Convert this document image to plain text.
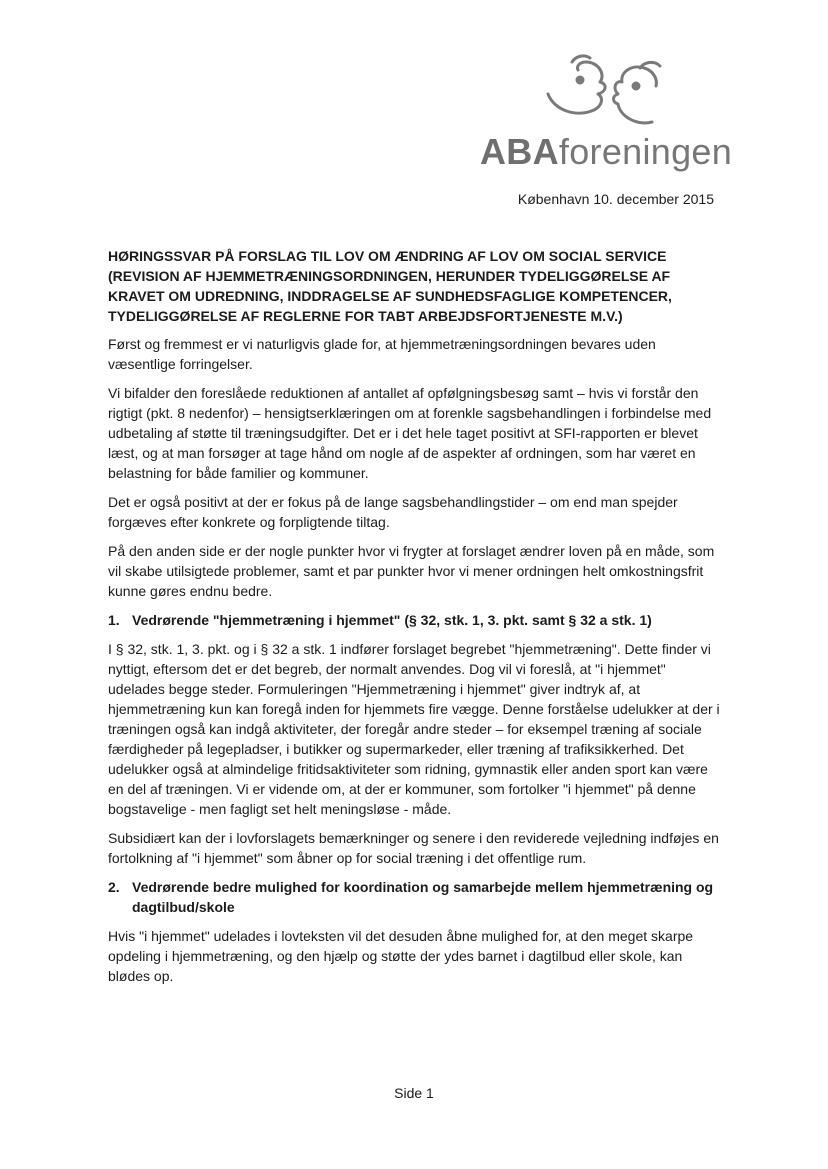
ABAforeningen
København 10. december 2015
HØRINGSSVAR PÅ FORSLAG TIL LOV OM ÆNDRING AF LOV OM SOCIAL SERVICE (REVISION AF HJEMMETRÆNINGSORDNINGEN, HERUNDER TYDELIGGØRELSE AF KRAVET OM UDREDNING, INDDRAGELSE AF SUNDHEDSFAGLIGE KOMPETENCER, TYDELIGGØRELSE AF REGLERNE FOR TABT ARBEJDSFORTJENESTE M.V.)

Først og fremmest er vi naturligvis glade for, at hjemmetræningsordningen bevares uden væsentlige forringelser.

Vi bifalder den foreslåede reduktionen af antallet af opfølgningsbesøg samt – hvis vi forstår den rigtigt (pkt. 8 nedenfor) – hensigtserklæringen om at forenkle sagsbehandlingen i forbindelse med udbetaling af støtte til træningsudgifter. Det er i det hele taget positivt at SFI-rapporten er blevet læst, og at man forsøger at tage hånd om nogle af de aspekter af ordningen, som har været en belastning for både familier og kommuner.

Det er også positivt at der er fokus på de lange sagsbehandlingstider – om end man spejder forgæves efter konkrete og forpligtende tiltag.

På den anden side er der nogle punkter hvor vi frygter at forslaget ændrer loven på en måde, som vil skabe utilsigtede problemer, samt et par punkter hvor vi mener ordningen helt omkostningsfrit kunne gøres endnu bedre.

1. Vedrørende "hjemmetræning i hjemmet" (§ 32, stk. 1, 3. pkt. samt § 32 a stk. 1)

I § 32, stk. 1, 3. pkt. og i § 32 a stk. 1 indfører forslaget begrebet "hjemmetræning". Dette finder vi nyttigt, eftersom det er det begreb, der normalt anvendes. Dog vil vi foreslå, at "i hjemmet" udelades begge steder. Formuleringen "Hjemmetræning i hjemmet" giver indtryk af, at hjemmetræning kun kan foregå inden for hjemmets fire vægge. Denne forståelse udelukker at der i træningen også kan indgå aktiviteter, der foregår andre steder – for eksempel træning af sociale færdigheder på legepladser, i butikker og supermarkeder, eller træning af trafiksikkerhed. Det udelukker også at almindelige fritidsaktiviteter som ridning, gymnastik eller anden sport kan være en del af træningen. Vi er vidende om, at der er kommuner, som fortolker "i hjemmet" på denne bogstavelige - men fagligt set helt meningsløse - måde.

Subsidiært kan der i lovforslagets bemærkninger og senere i den reviderede vejledning indføjes en fortolkning af "i hjemmet" som åbner op for social træning i det offentlige rum.

2. Vedrørende bedre mulighed for koordination og samarbejde mellem hjemmetræning og dagtilbud/skole

Hvis "i hjemmet" udelades i lovteksten vil det desuden åbne mulighed for, at den meget skarpe opdeling i hjemmetræning, og den hjælp og støtte der ydes barnet i dagtilbud eller skole, kan blødes op.

Side 1
